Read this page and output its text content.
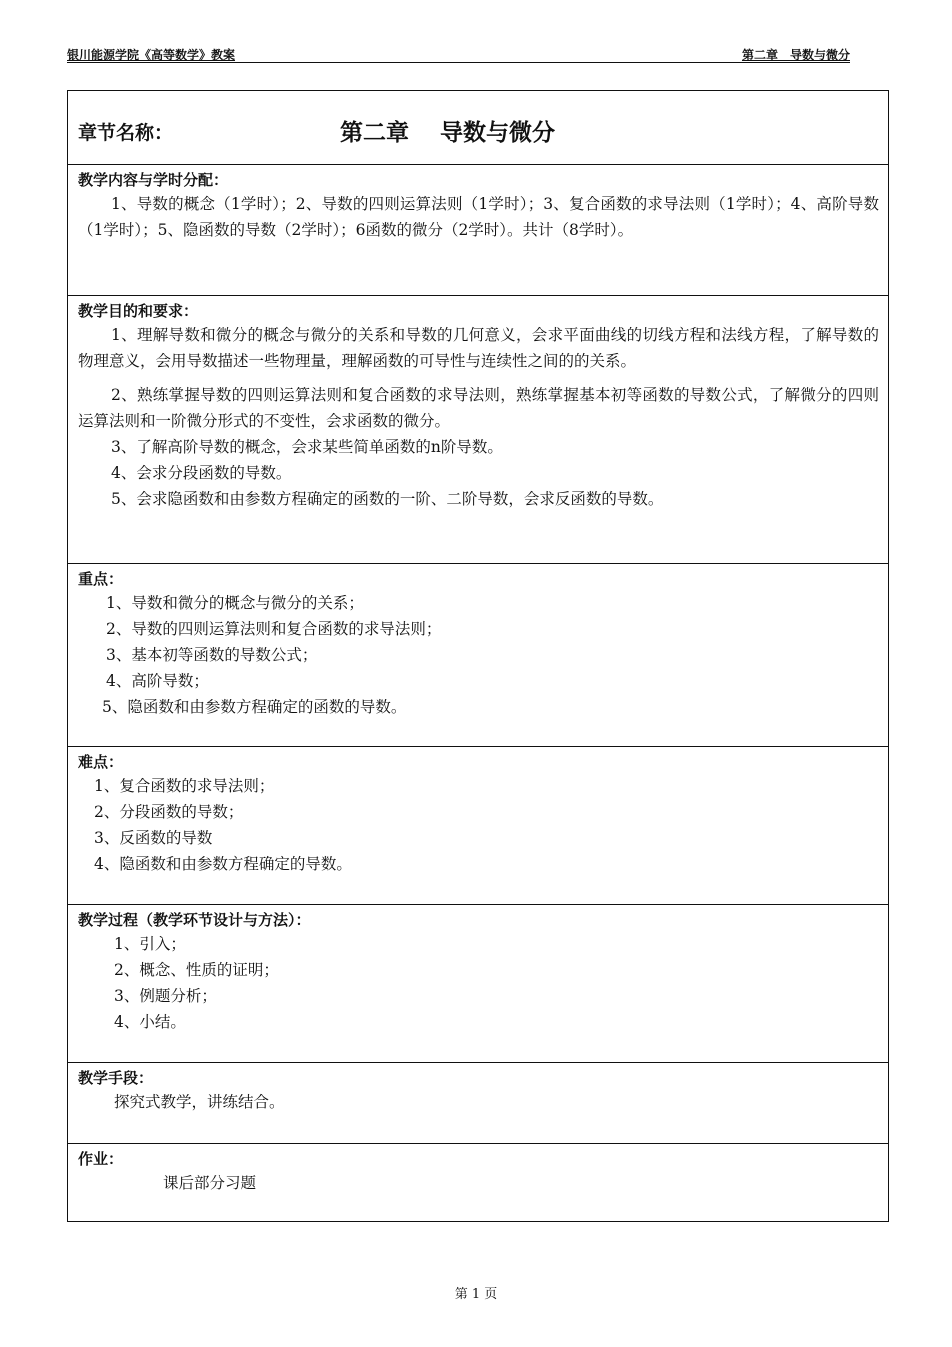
银川能源学院《高等数学》教案	第二章　导数与微分
章节名称：	第二章　 导数与微分
教学内容与学时分配：

1、导数的概念（1学时）；2、导数的四则运算法则（1学时）；3、复合函数的求导法则（1学时）；4、高阶导数（1学时）；5、隐函数的导数（2学时）；6函数的微分（2学时）。共计（8学时）。

教学目的和要求：

1、理解导数和微分的概念与微分的关系和导数的几何意义，会求平面曲线的切线方程和法线方程，了解导数的物理意义，会用导数描述一些物理量，理解函数的可导性与连续性之间的的关系。

2、熟练掌握导数的四则运算法则和复合函数的求导法则，熟练掌握基本初等函数的导数公式，了解微分的四则运算法则和一阶微分形式的不变性，会求函数的微分。

3、了解高阶导数的概念，会求某些简单函数的n阶导数。

4、会求分段函数的导数。

5、会求隐函数和由参数方程确定的函数的一阶、二阶导数，会求反函数的导数。

重点：

1、导数和微分的概念与微分的关系；

2、导数的四则运算法则和复合函数的求导法则；

3、基本初等函数的导数公式；

4、高阶导数；

5、隐函数和由参数方程确定的函数的导数。

难点：

1、复合函数的求导法则；

2、分段函数的导数；

3、反函数的导数

4、隐函数和由参数方程确定的导数。

教学过程（教学环节设计与方法）：

1、引入；

2、概念、性质的证明；

3、例题分析；

4、小结。

教学手段：

探究式教学，讲练结合。

作业：

课后部分习题

第 1 页
